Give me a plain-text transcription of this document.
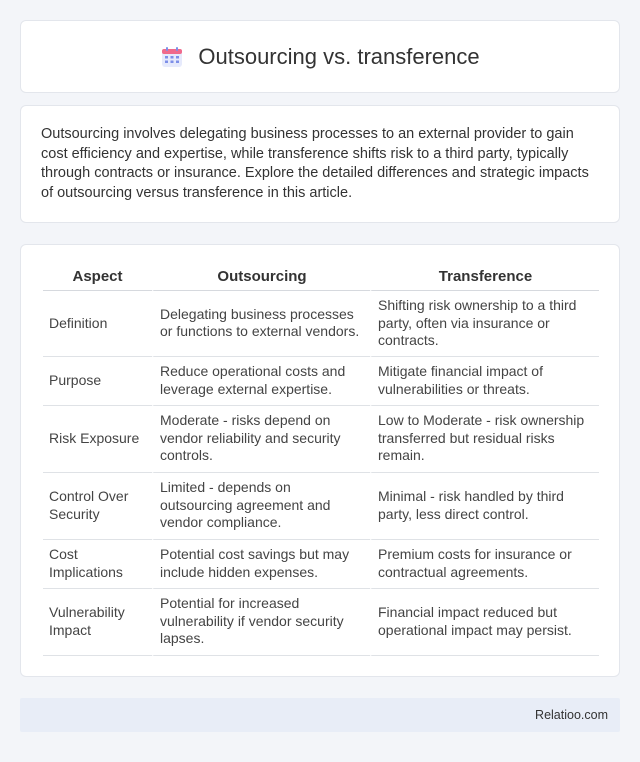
Outsourcing vs. transference

Outsourcing involves delegating business processes to an external provider to gain cost efficiency and expertise, while transference shifts risk to a third party, typically through contracts or insurance. Explore the detailed differences and strategic impacts of outsourcing versus transference in this article.

Aspect	Outsourcing	Transference
Definition	Delegating business processes or functions to external vendors.	Shifting risk ownership to a third party, often via insurance or contracts.
Purpose	Reduce operational costs and leverage external expertise.	Mitigate financial impact of vulnerabilities or threats.
Risk Exposure	Moderate - risks depend on vendor reliability and security controls.	Low to Moderate - risk ownership transferred but residual risks remain.
Control Over Security	Limited - depends on outsourcing agreement and vendor compliance.	Minimal - risk handled by third party, less direct control.
Cost Implications	Potential cost savings but may include hidden expenses.	Premium costs for insurance or contractual agreements.
Vulnerability Impact	Potential for increased vulnerability if vendor security lapses.	Financial impact reduced but operational impact may persist.
Relatioo.com
